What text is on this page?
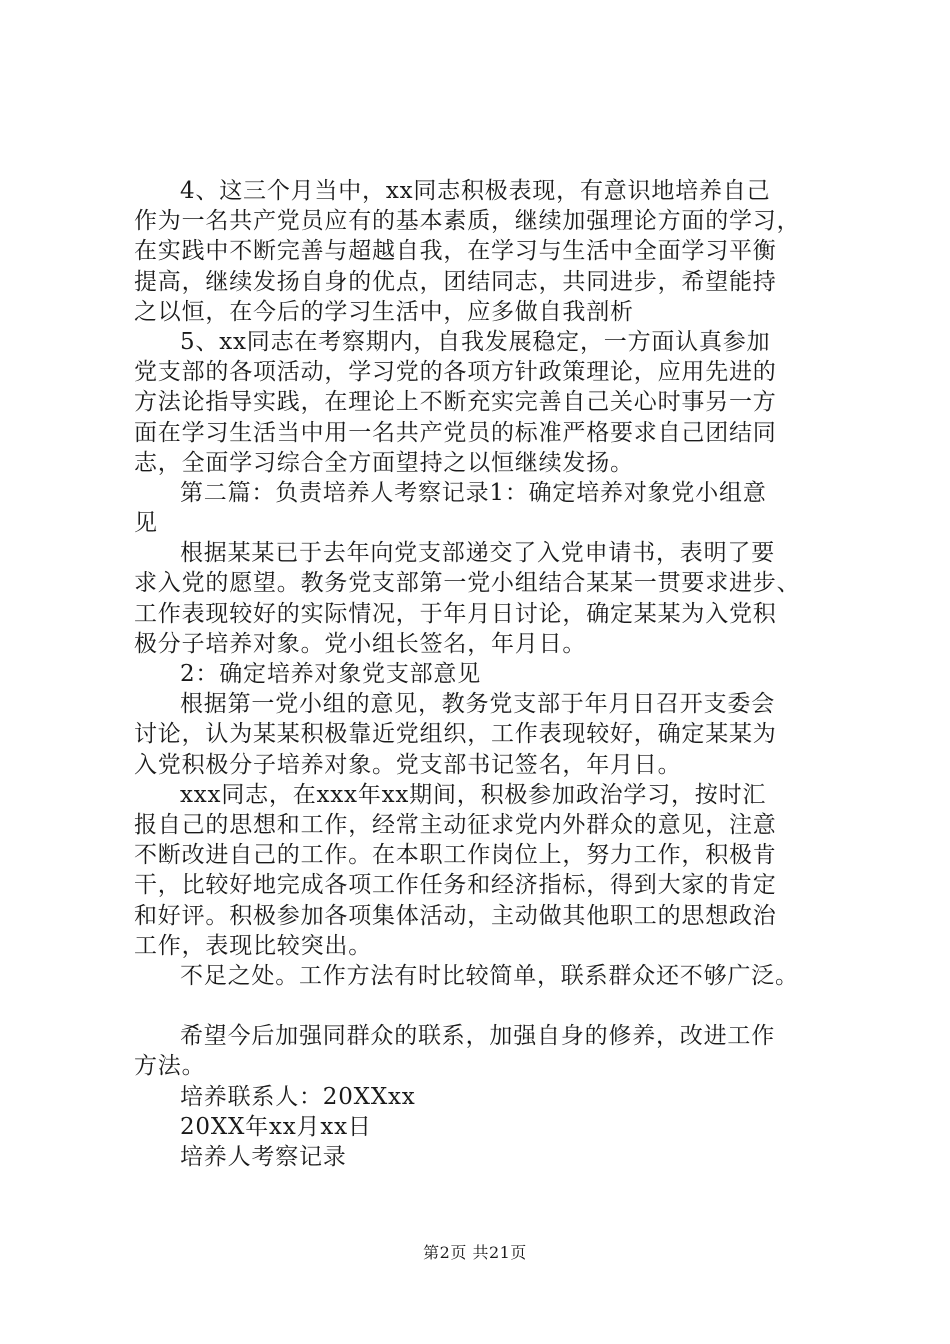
4、这三个月当中，xx同志积极表现，有意识地培养自己
作为一名共产党员应有的基本素质，继续加强理论方面的学习，
在实践中不断完善与超越自我，在学习与生活中全面学习平衡
提高，继续发扬自身的优点，团结同志，共同进步，希望能持
之以恒，在今后的学习生活中，应多做自我剖析
5、xx同志在考察期内，自我发展稳定，一方面认真参加
党支部的各项活动，学习党的各项方针政策理论，应用先进的
方法论指导实践，在理论上不断充实完善自己关心时事另一方
面在学习生活当中用一名共产党员的标准严格要求自己团结同
志，全面学习综合全方面望持之以恒继续发扬。
第二篇：负责培养人考察记录1：确定培养对象党小组意
见
根据某某已于去年向党支部递交了入党申请书，表明了要
求入党的愿望。教务党支部第一党小组结合某某一贯要求进步、
工作表现较好的实际情况，于年月日讨论，确定某某为入党积
极分子培养对象。党小组长签名，年月日。
2：确定培养对象党支部意见
根据第一党小组的意见，教务党支部于年月日召开支委会
讨论，认为某某积极靠近党组织，工作表现较好，确定某某为
入党积极分子培养对象。党支部书记签名，年月日。
xxx同志，在xxx年xx期间，积极参加政治学习，按时汇
报自己的思想和工作，经常主动征求党内外群众的意见，注意
不断改进自己的工作。在本职工作岗位上，努力工作，积极肯
干，比较好地完成各项工作任务和经济指标，得到大家的肯定
和好评。积极参加各项集体活动，主动做其他职工的思想政治
工作，表现比较突出。
不足之处。工作方法有时比较简单，联系群众还不够广泛。
希望今后加强同群众的联系，加强自身的修养，改进工作
方法。
培养联系人：20XXxx
20XX年xx月xx日
培养人考察记录
第2页 共21页
